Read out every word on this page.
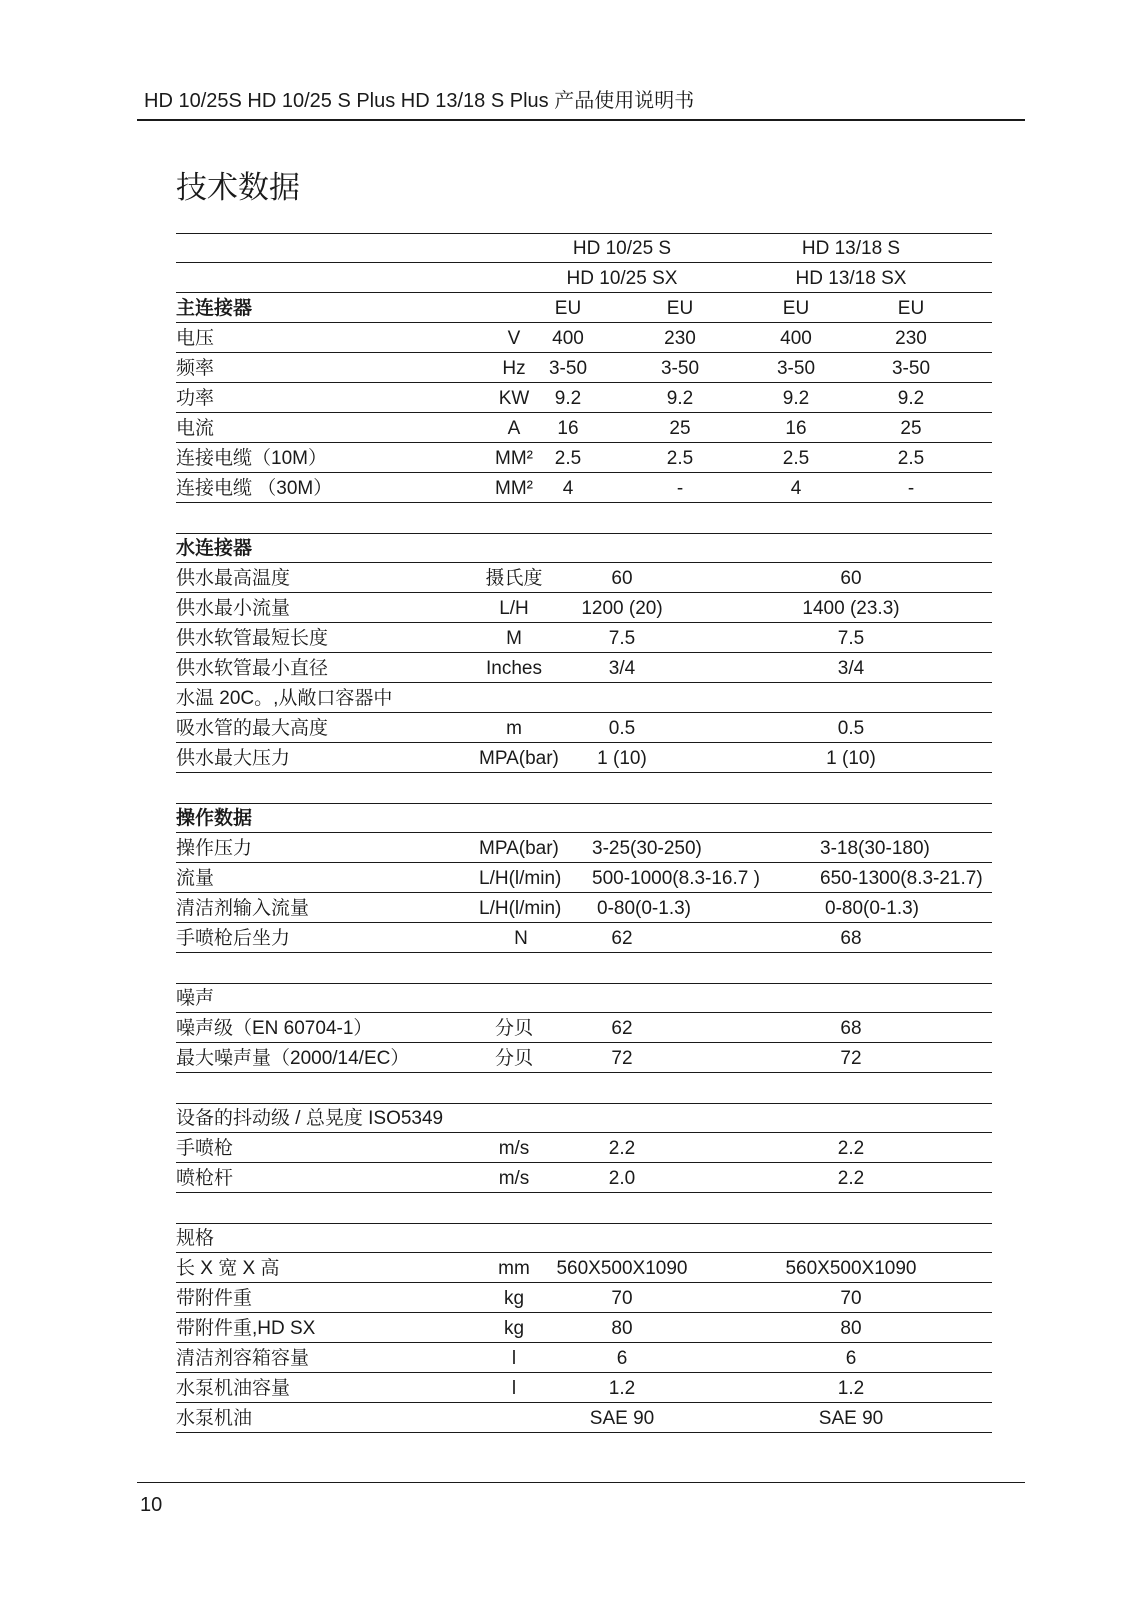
HD 10/25S HD 10/25 S Plus HD 13/18 S Plus 产品使用说明书
技术数据
HD 10/25 S	HD 13/18 S
HD 10/25 SX	HD 13/18 SX
主连接器	EU	EU	EU	EU
电压	V	400	230	400	230
频率	Hz	3-50	3-50	3-50	3-50
功率	KW	9.2	9.2	9.2	9.2
电流	A	16	25	16	25
连接电缆（10M）	MM²	2.5	2.5	2.5	2.5
连接电缆 （30M）	MM²	4	-	4	-
水连接器
供水最高温度	摄氏度	60	60
供水最小流量	L/H	1200 (20)	1400 (23.3)
供水软管最短长度	M	7.5	7.5
供水软管最小直径	Inches	3/4	3/4
水温 20C。,从敞口容器中
吸水管的最大高度	m	0.5	0.5
供水最大压力	MPA(bar)	1 (10)	1 (10)
操作数据
操作压力	MPA(bar) 3-25(30-250)	3-18(30-180)
流量	L/H(l/min) 500-1000(8.3-16.7 )	650-1300(8.3-21.7)
清洁剂输入流量	L/H(l/min) 0-80(0-1.3)	0-80(0-1.3)
手喷枪后坐力	N	62	68
噪声
噪声级（EN 60704-1）	分贝	62	68
最大噪声量（2000/14/EC）	分贝	72	72
设备的抖动级 / 总晃度 ISO5349
手喷枪	m/s	2.2	2.2
喷枪杆	m/s	2.0	2.2
规格
长 X 宽 X 高	mm	560X500X1090	560X500X1090
带附件重	kg	70	70
带附件重,HD SX	kg	80	80
清洁剂容箱容量	l	6	6
水泵机油容量	l	1.2	1.2
水泵机油	SAE 90	SAE 90
10
